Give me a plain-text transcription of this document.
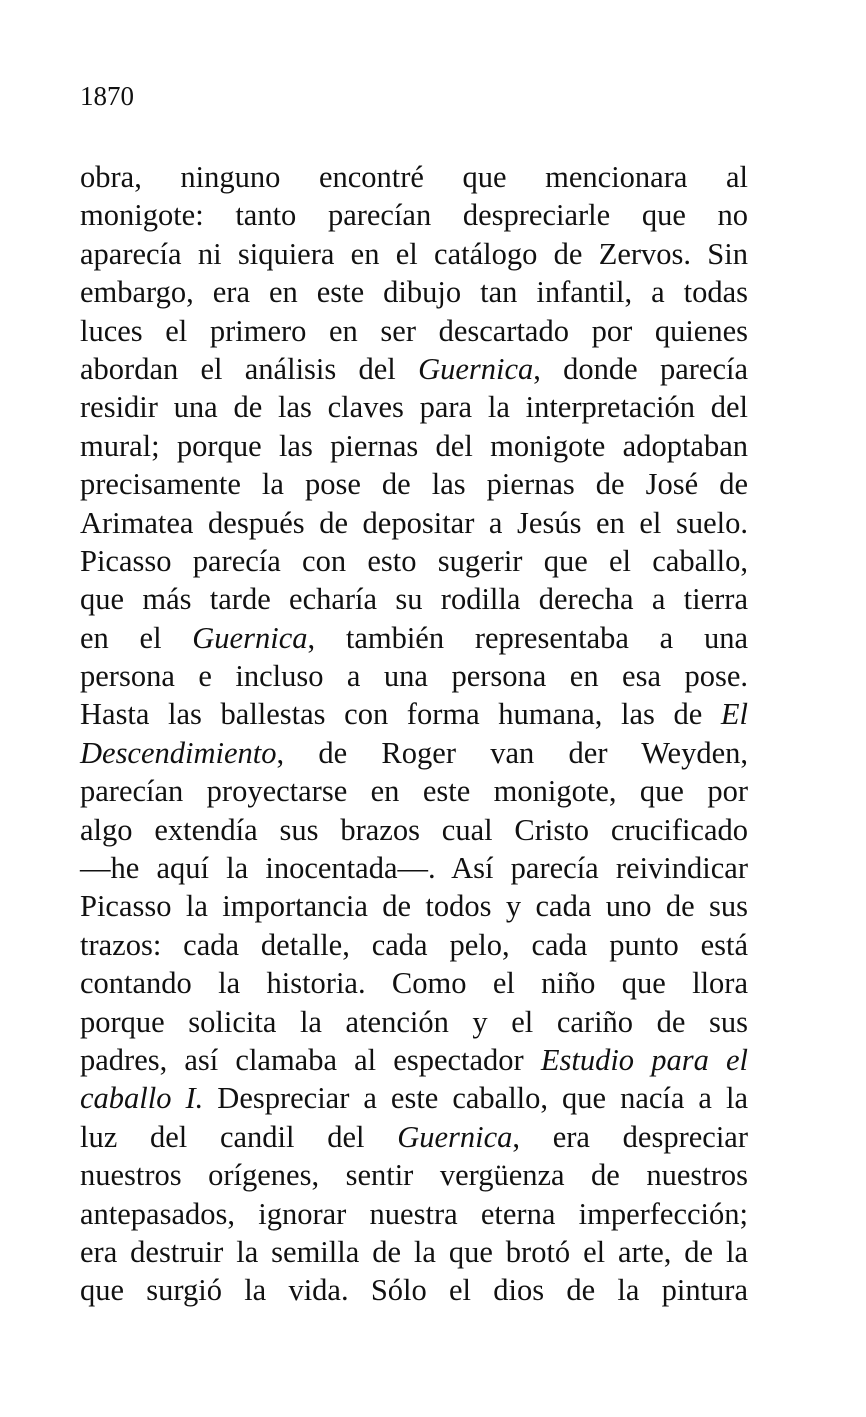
1870
obra, ninguno encontré que mencionara al
monigote: tanto parecían despreciarle que no
aparecía ni siquiera en el catálogo de Zervos. Sin
embargo, era en este dibujo tan infantil, a todas
luces el primero en ser descartado por quienes
abordan el análisis del Guernica, donde parecía
residir una de las claves para la interpretación del
mural; porque las piernas del monigote adoptaban
precisamente la pose de las piernas de José de
Arimatea después de depositar a Jesús en el suelo.
Picasso parecía con esto sugerir que el caballo,
que más tarde echaría su rodilla derecha a tierra
en el Guernica, también representaba a una
persona e incluso a una persona en esa pose.
Hasta las ballestas con forma humana, las de El
Descendimiento, de Roger van der Weyden,
parecían proyectarse en este monigote, que por
algo extendía sus brazos cual Cristo crucificado
—he aquí la inocentada—. Así parecía reivindicar
Picasso la importancia de todos y cada uno de sus
trazos: cada detalle, cada pelo, cada punto está
contando la historia. Como el niño que llora
porque solicita la atención y el cariño de sus
padres, así clamaba al espectador Estudio para el
caballo I. Despreciar a este caballo, que nacía a la
luz del candil del Guernica, era despreciar
nuestros orígenes, sentir vergüenza de nuestros
antepasados, ignorar nuestra eterna imperfección;
era destruir la semilla de la que brotó el arte, de la
que surgió la vida. Sólo el dios de la pintura
